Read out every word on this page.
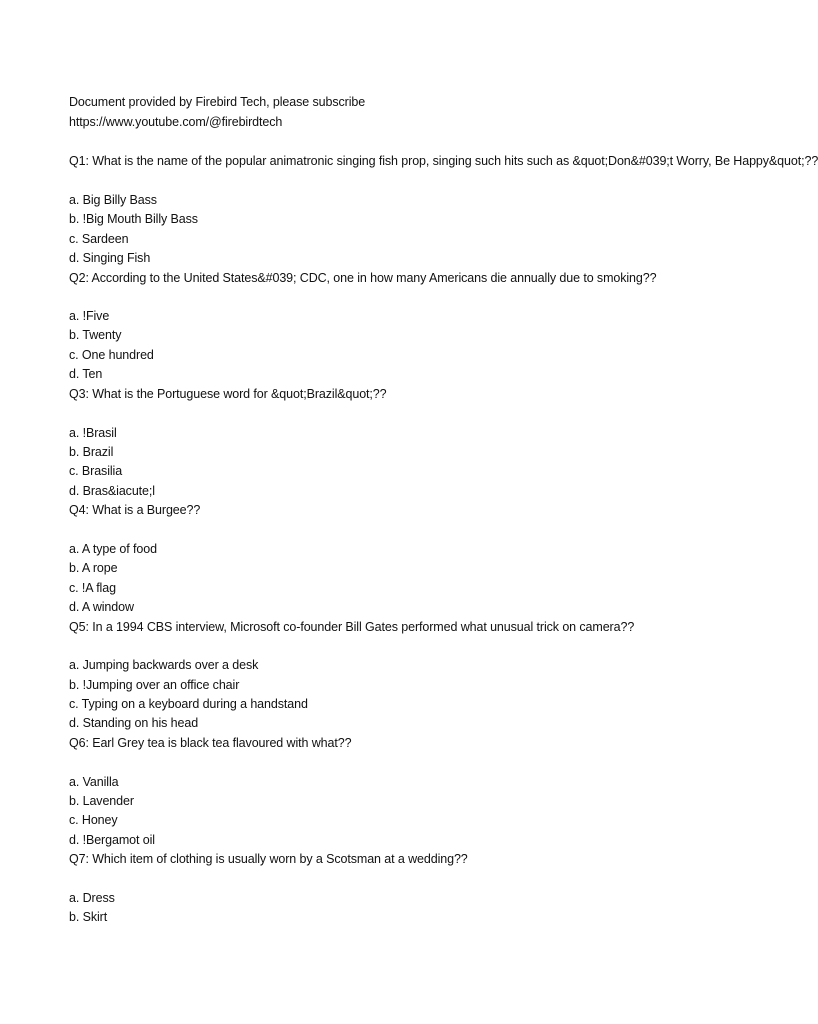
Document provided by Firebird Tech, please subscribe
https://www.youtube.com/@firebirdtech
Q1: What is the name of the popular animatronic singing fish prop, singing such hits such as &quot;Don&#039;t Worry, Be Happy&quot;??
a. Big Billy Bass
b. !Big Mouth Billy Bass
c. Sardeen
d. Singing Fish
Q2: According to the United States&#039; CDC, one in how many Americans die annually due to smoking??
a. !Five
b. Twenty
c. One hundred
d. Ten
Q3: What is the Portuguese word for &quot;Brazil&quot;??
a. !Brasil
b. Brazil
c. Brasilia
d. Bras&iacute;l
Q4: What is a Burgee??
a. A type of food
b. A rope
c. !A flag
d. A window
Q5: In a 1994 CBS interview, Microsoft co-founder Bill Gates performed what unusual trick on camera??
a. Jumping backwards over a desk
b. !Jumping over an office chair
c. Typing on a keyboard during a handstand
d. Standing on his head
Q6: Earl Grey tea is black tea flavoured with what??
a. Vanilla
b. Lavender
c. Honey
d. !Bergamot oil
Q7: Which item of clothing is usually worn by a Scotsman at a wedding??
a. Dress
b. Skirt
